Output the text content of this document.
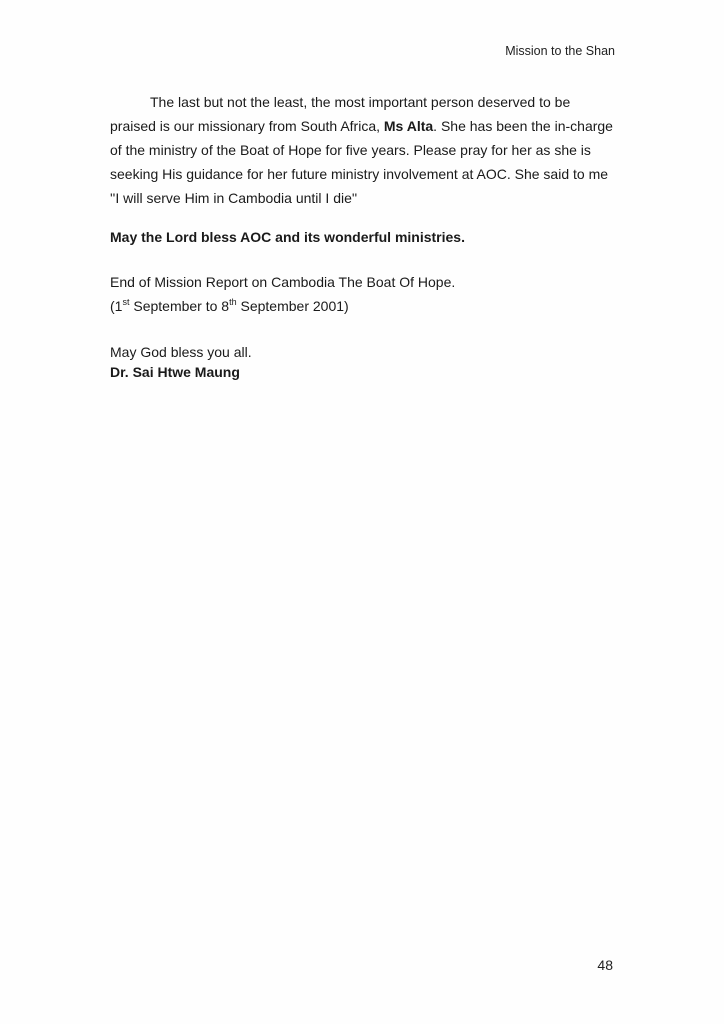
Mission to the Shan

The last but not the least, the most important person deserved to be praised is our missionary from South Africa, Ms Alta. She has been the in-charge of the ministry of the Boat of Hope for five years. Please pray for her as she is seeking His guidance for her future ministry involvement at AOC. She said to me ''I will serve Him in Cambodia until I die''

May the Lord bless AOC and its wonderful ministries.

End of Mission Report on Cambodia The Boat Of Hope.

(1st September to 8th September 2001)

May God bless you all.

Dr. Sai Htwe Maung

48
